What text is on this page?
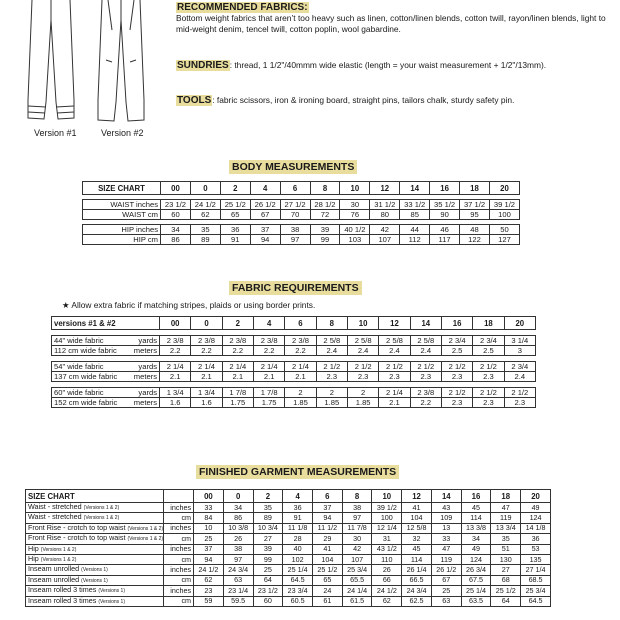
Version #1	Version #2
RECOMMENDED FABRICS:
Bottom weight fabrics that aren’t too heavy such as linen, cotton/linen blends, cotton twill, rayon/linen blends, light to mid-weight denim, tencel twill, cotton poplin, wool gabardine.
SUNDRIES: thread, 1 1/2"/40mmm wide elastic (length = your waist measurement + 1/2"/13mm).
TOOLS: fabric scissors, iron & ironing board, straight pins, tailors chalk, sturdy safety pin.
BODY MEASUREMENTS
SIZE CHART	00	0	2	4	6	8	10	12	14	16	18	20

WAIST inches	23 1/2	24 1/2	25 1/2	26 1/2	27 1/2	28 1/2	30	31 1/2	33 1/2	35 1/2	37 1/2	39 1/2
WAIST cm	60	62	65	67	70	72	76	80	85	90	95	100

HIP inches	34	35	36	37	38	39	40 1/2	42	44	46	48	50
HIP cm	86	89	91	94	97	99	103	107	112	117	122	127
FABRIC REQUIREMENTS
★ Allow extra fabric if matching stripes, plaids or using border prints.
versions #1 & #2	00	0	2	4	6	8	10	12	14	16	18	20

44" wide fabric yards	2 3/8	2 3/8	2 3/8	2 3/8	2 3/8	2 5/8	2 5/8	2 5/8	2 5/8	2 3/4	2 3/4	3 1/4
112 cm wide fabric meters	2.2	2.2	2.2	2.2	2.2	2.4	2.4	2.4	2.4	2.5	2.5	3

54" wide fabric yards	2 1/4	2 1/4	2 1/4	2 1/4	2 1/4	2 1/2	2 1/2	2 1/2	2 1/2	2 1/2	2 1/2	2 3/4
137 cm wide fabric meters	2.1	2.1	2.1	2.1	2.1	2.3	2.3	2.3	2.3	2.3	2.3	2.4

60" wide fabric yards	1 3/4	1 3/4	1 7/8	1 7/8	2	2	2	2 1/4	2 3/8	2 1/2	2 1/2	2 1/2
152 cm wide fabric meters	1.6	1.6	1.75	1.75	1.85	1.85	1.85	2.1	2.2	2.3	2.3	2.3
FINISHED GARMENT MEASUREMENTS
SIZE CHART		00	0	2	4	6	8	10	12	14	16	18	20
Waist - stretched (Versions 1 & 2)	inches	33	34	35	36	37	38	39 1/2	41	43	45	47	49
Waist - stretched (Versions 1 & 2)	cm	84	86	89	91	94	97	100	104	109	114	119	124
Front Rise - crotch to top waist (Versions 1 & 2)	inches	10	10 3/8	10 3/4	11 1/8	11 1/2	11 7/8	12 1/4	12 5/8	13	13 3/8	13 3/4	14 1/8
Front Rise - crotch to top waist (Versions 1 & 2)	cm	25	26	27	28	29	30	31	32	33	34	35	36
Hip (Versions 1 & 2)	inches	37	38	39	40	41	42	43 1/2	45	47	49	51	53
Hip (Versions 1 & 2)	cm	94	97	99	102	104	107	110	114	119	124	130	135
Inseam unrolled (Versions 1)	inches	24 1/2	24 3/4	25	25 1/4	25 1/2	25 3/4	26	26 1/4	26 1/2	26 3/4	27	27 1/4
Inseam unrolled (Versions 1)	cm	62	63	64	64.5	65	65.5	66	66.5	67	67.5	68	68.5
Inseam rolled 3 times (Versions 1)	inches	23	23 1/4	23 1/2	23 3/4	24	24 1/4	24 1/2	24 3/4	25	25 1/4	25 1/2	25 3/4
Inseam rolled 3 times (Versions 1)	cm	59	59.5	60	60.5	61	61.5	62	62.5	63	63.5	64	64.5
